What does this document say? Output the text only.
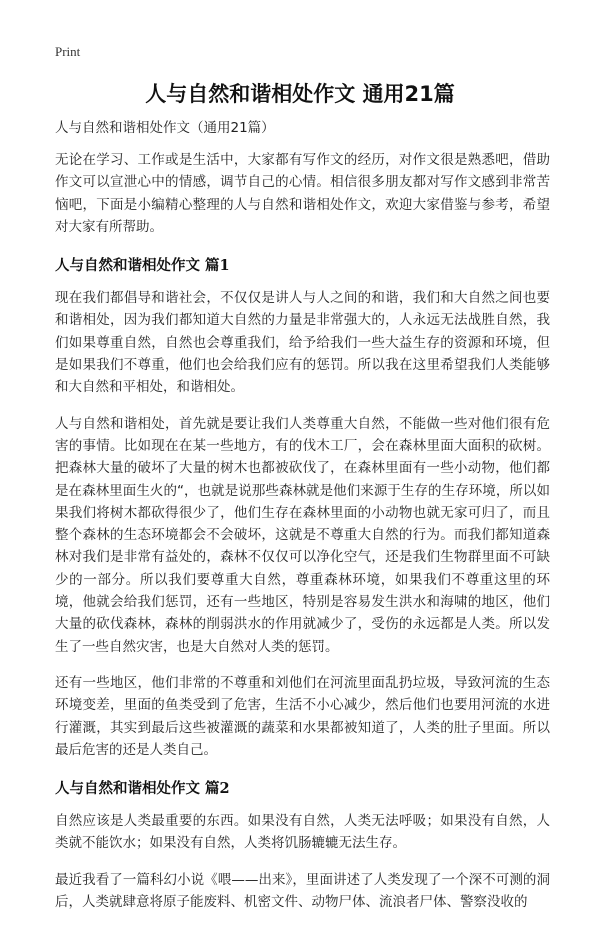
Print
人与自然和谐相处作文 通用21篇
人与自然和谐相处作文（通用21篇）

无论在学习、工作或是生活中，大家都有写作文的经历，对作文很是熟悉吧，借助作文可以宣泄心中的情感，调节自己的心情。相信很多朋友都对写作文感到非常苦恼吧，下面是小编精心整理的人与自然和谐相处作文，欢迎大家借鉴与参考，希望对大家有所帮助。

人与自然和谐相处作文 篇1

现在我们都倡导和谐社会，不仅仅是讲人与人之间的和谐，我们和大自然之间也要和谐相处，因为我们都知道大自然的力量是非常强大的，人永远无法战胜自然，我们如果尊重自然，自然也会尊重我们，给予给我们一些大益生存的资源和环境，但是如果我们不尊重，他们也会给我们应有的惩罚。所以我在这里希望我们人类能够和大自然和平相处，和谐相处。

人与自然和谐相处，首先就是要让我们人类尊重大自然，不能做一些对他们很有危害的事情。比如现在在某一些地方，有的伐木工厂，会在森林里面大面积的砍树。把森林大量的破坏了大量的树木也都被砍伐了，在森林里面有一些小动物，他们都是在森林里面生火的“，也就是说那些森林就是他们来源于生存的生存环境，所以如果我们将树木都砍得很少了，他们生存在森林里面的小动物也就无家可归了，而且整个森林的生态环境都会不会破坏，这就是不尊重大自然的行为。而我们都知道森林对我们是非常有益处的，森林不仅仅可以净化空气，还是我们生物群里面不可缺少的一部分。所以我们要尊重大自然，尊重森林环境，如果我们不尊重这里的环境，他就会给我们惩罚，还有一些地区，特别是容易发生洪水和海啸的地区，他们大量的砍伐森林，森林的削弱洪水的作用就减少了，受伤的永远都是人类。所以发生了一些自然灾害，也是大自然对人类的惩罚。

还有一些地区，他们非常的不尊重和刘他们在河流里面乱扔垃圾，导致河流的生态环境变差，里面的鱼类受到了危害，生活不小心减少，然后他们也要用河流的水进行灌溉，其实到最后这些被灌溉的蔬菜和水果都被知道了，人类的肚子里面。所以最后危害的还是人类自己。

人与自然和谐相处作文 篇2

自然应该是人类最重要的东西。如果没有自然，人类无法呼吸；如果没有自然，人类就不能饮水；如果没有自然，人类将饥肠辘辘无法生存。

最近我看了一篇科幻小说《喂——出来》，里面讲述了人类发现了一个深不可测的洞后，人类就肆意将原子能废料、机密文件、动物尸体、流浪者尸体、警察没收的
